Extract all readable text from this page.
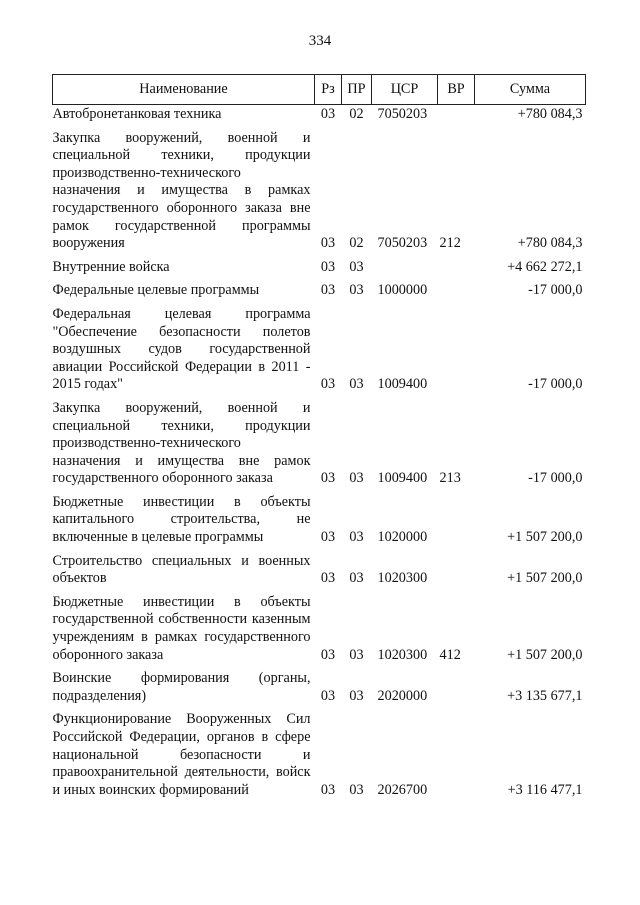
334
Наименование	Рз	ПР	ЦСР	ВР	Сумма
Автобронетанковая техника	03	02	7050203		+780 084,3
Закупка вооружений, военной и специальной техники, продукции производственно-технического назначения и имущества в рамках государственного оборонного заказа вне рамок государственной программы вооружения	03	02	7050203	212	+780 084,3
Внутренние войска	03	03			+4 662 272,1
Федеральные целевые программы	03	03	1000000		-17 000,0
Федеральная целевая программа "Обеспечение безопасности полетов воздушных судов государственной авиации Российской Федерации в 2011 - 2015 годах"	03	03	1009400		-17 000,0
Закупка вооружений, военной и специальной техники, продукции производственно-технического назначения и имущества вне рамок государственного оборонного заказа	03	03	1009400	213	-17 000,0
Бюджетные инвестиции в объекты капитального строительства, не включенные в целевые программы	03	03	1020000		+1 507 200,0
Строительство специальных и военных объектов	03	03	1020300		+1 507 200,0
Бюджетные инвестиции в объекты государственной собственности казенным учреждениям в рамках государственного оборонного заказа	03	03	1020300	412	+1 507 200,0
Воинские формирования (органы, подразделения)	03	03	2020000		+3 135 677,1
Функционирование Вооруженных Сил Российской Федерации, органов в сфере национальной безопасности и правоохранительной деятельности, войск и иных воинских формирований	03	03	2026700		+3 116 477,1
